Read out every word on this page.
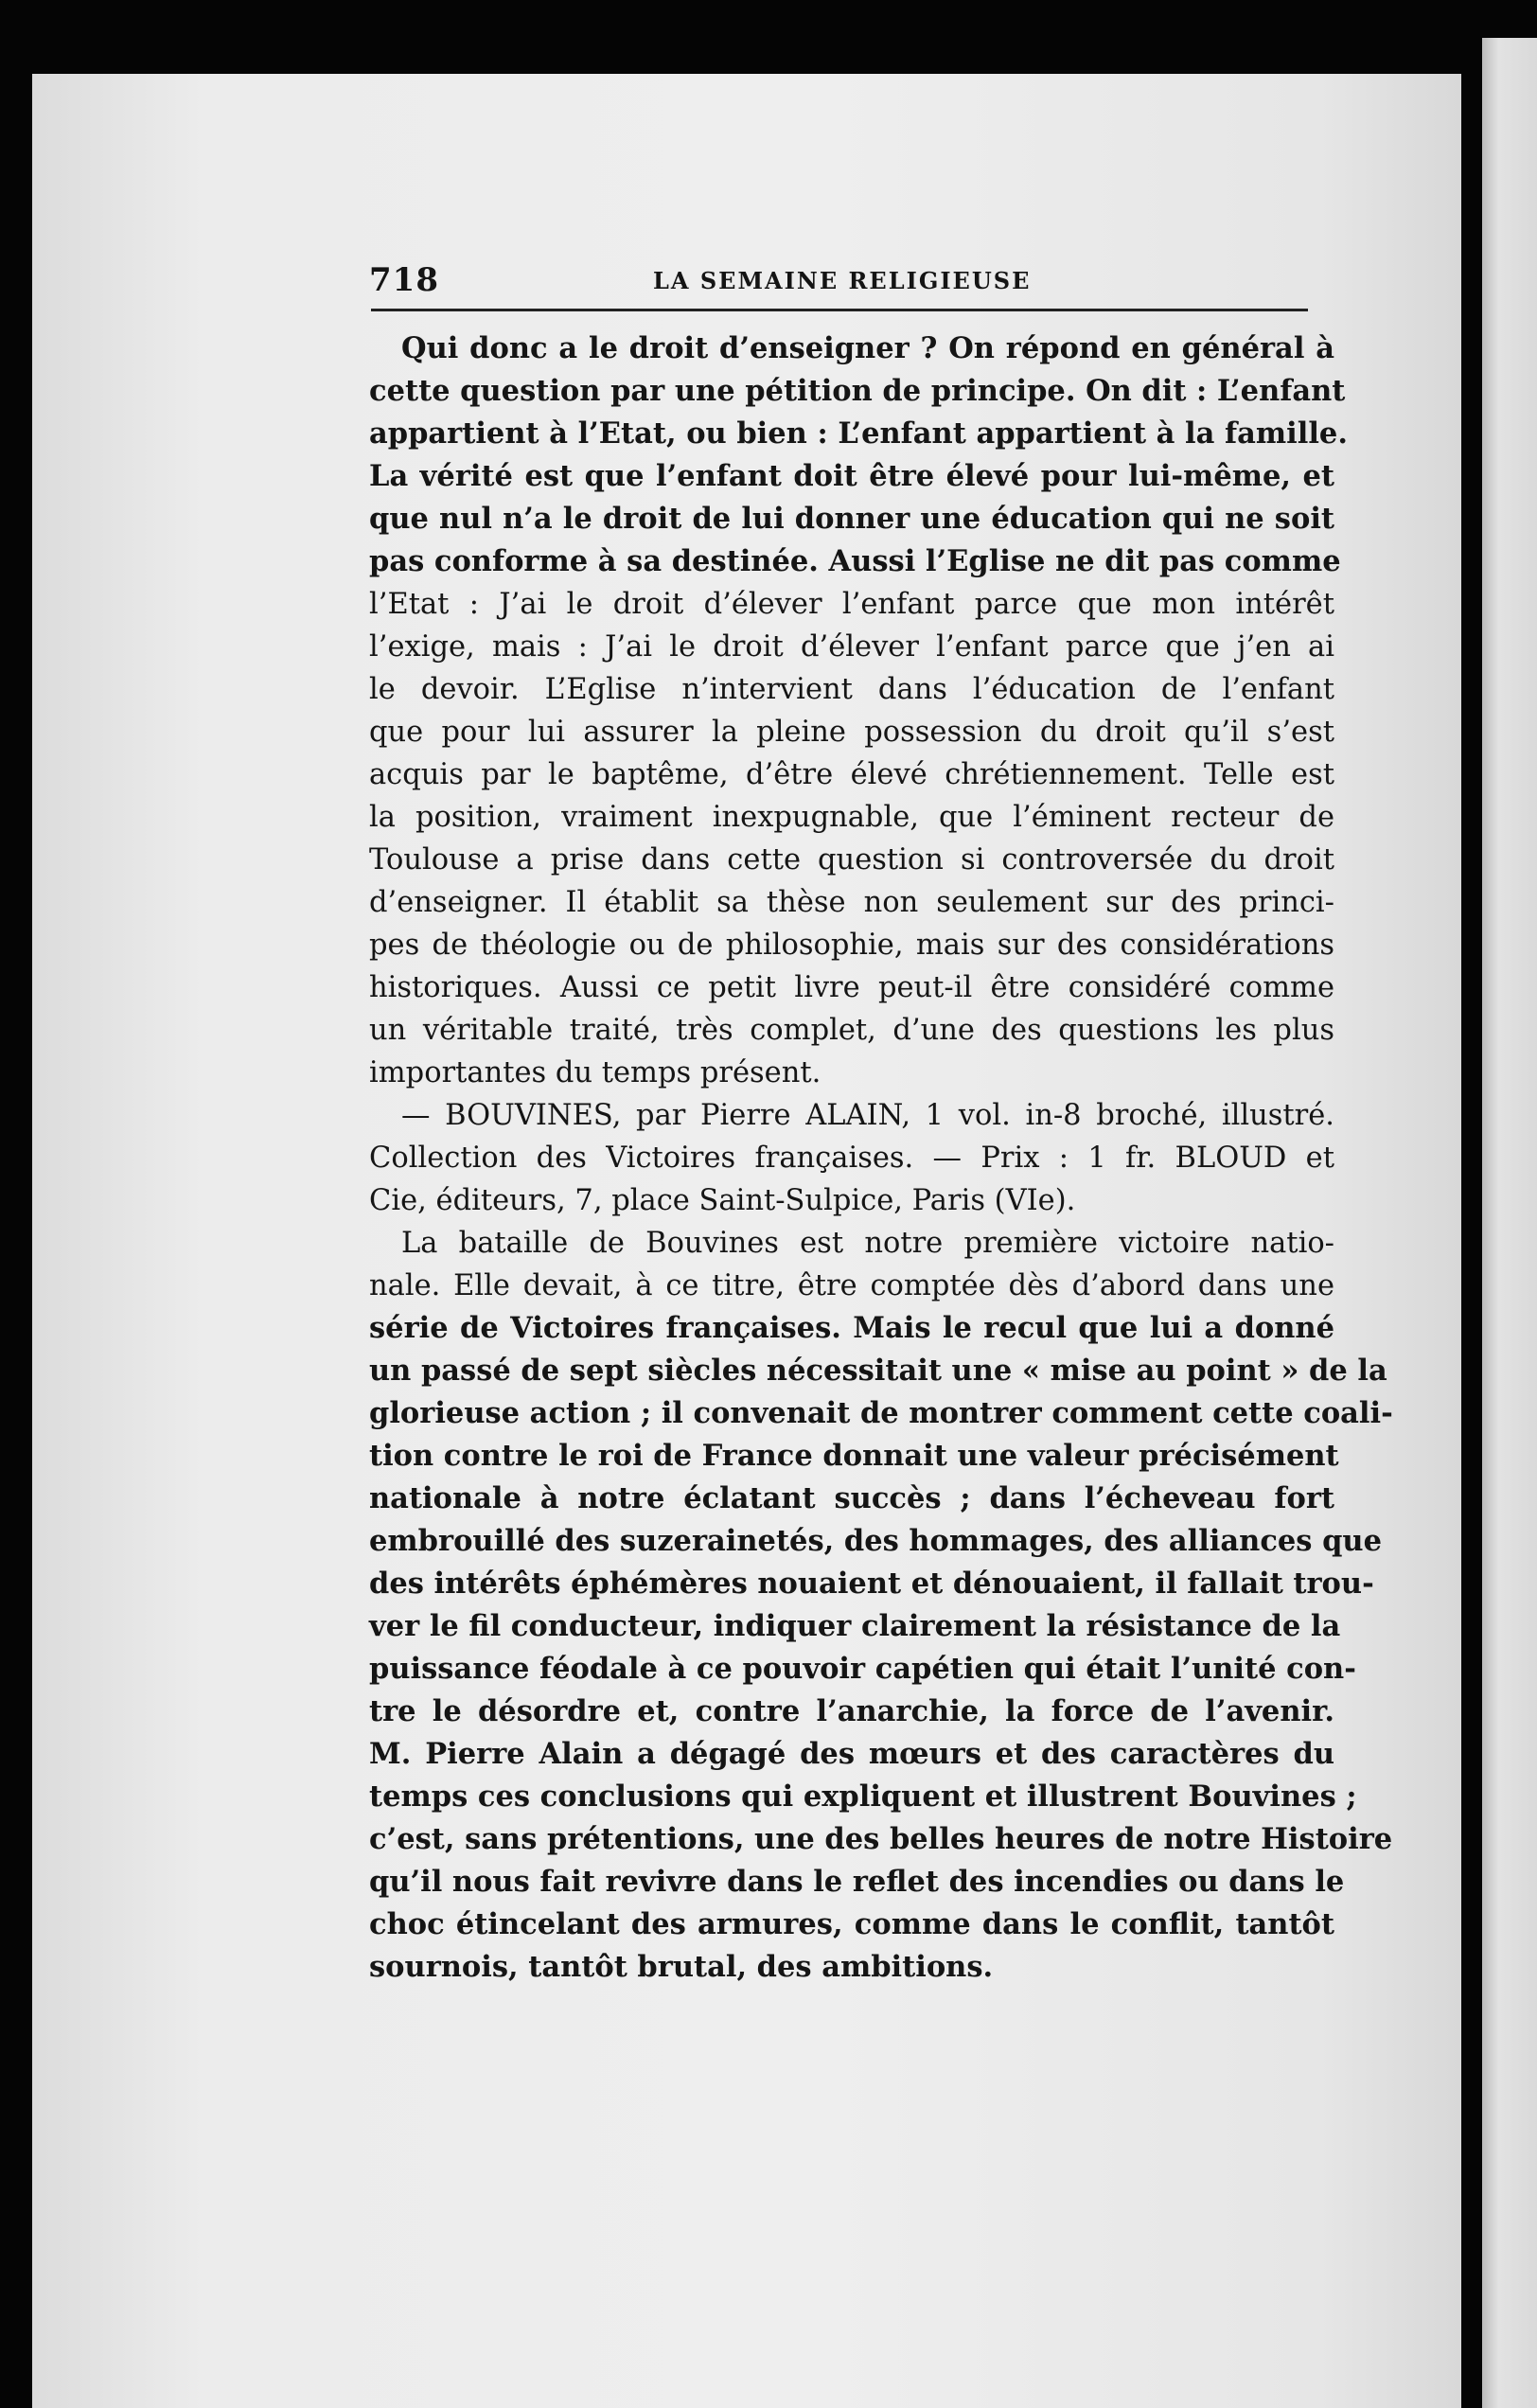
718	LA SEMAINE RELIGIEUSE
Qui donc a le droit d’enseigner ? On répond en général à
cette question par une pétition de principe. On dit : L’enfant
appartient à l’Etat, ou bien : L’enfant appartient à la famille.
La vérité est que l’enfant doit être élevé pour lui-même, et
que nul n’a le droit de lui donner une éducation qui ne soit
pas conforme à sa destinée. Aussi l’Eglise ne dit pas comme
l’Etat : J’ai le droit d’élever l’enfant parce que mon intérêt
l’exige, mais : J’ai le droit d’élever l’enfant parce que j’en ai
le devoir. L’Eglise n’intervient dans l’éducation de l’enfant
que pour lui assurer la pleine possession du droit qu’il s’est
acquis par le baptême, d’être élevé chrétiennement. Telle est
la position, vraiment inexpugnable, que l’éminent recteur de
Toulouse a prise dans cette question si controversée du droit
d’enseigner. Il établit sa thèse non seulement sur des princi-
pes de théologie ou de philosophie, mais sur des considérations
historiques. Aussi ce petit livre peut-il être considéré comme
un véritable traité, très complet, d’une des questions les plus
importantes du temps présent.
— BOUVINES, par Pierre ALAIN, 1 vol. in-8 broché, illustré.
Collection des Victoires françaises. — Prix : 1 fr. BLOUD et
Cie, éditeurs, 7, place Saint-Sulpice, Paris (VIe).
La bataille de Bouvines est notre première victoire natio-
nale. Elle devait, à ce titre, être comptée dès d’abord dans une
série de Victoires françaises. Mais le recul que lui a donné
un passé de sept siècles nécessitait une « mise au point » de la
glorieuse action ; il convenait de montrer comment cette coali-
tion contre le roi de France donnait une valeur précisément
nationale à notre éclatant succès ; dans l’écheveau fort
embrouillé des suzerainetés, des hommages, des alliances que
des intérêts éphémères nouaient et dénouaient, il fallait trou-
ver le fil conducteur, indiquer clairement la résistance de la
puissance féodale à ce pouvoir capétien qui était l’unité con-
tre le désordre et, contre l’anarchie, la force de l’avenir.
M. Pierre Alain a dégagé des mœurs et des caractères du
temps ces conclusions qui expliquent et illustrent Bouvines ;
c’est, sans prétentions, une des belles heures de notre Histoire
qu’il nous fait revivre dans le reflet des incendies ou dans le
choc étincelant des armures, comme dans le conflit, tantôt
sournois, tantôt brutal, des ambitions.
